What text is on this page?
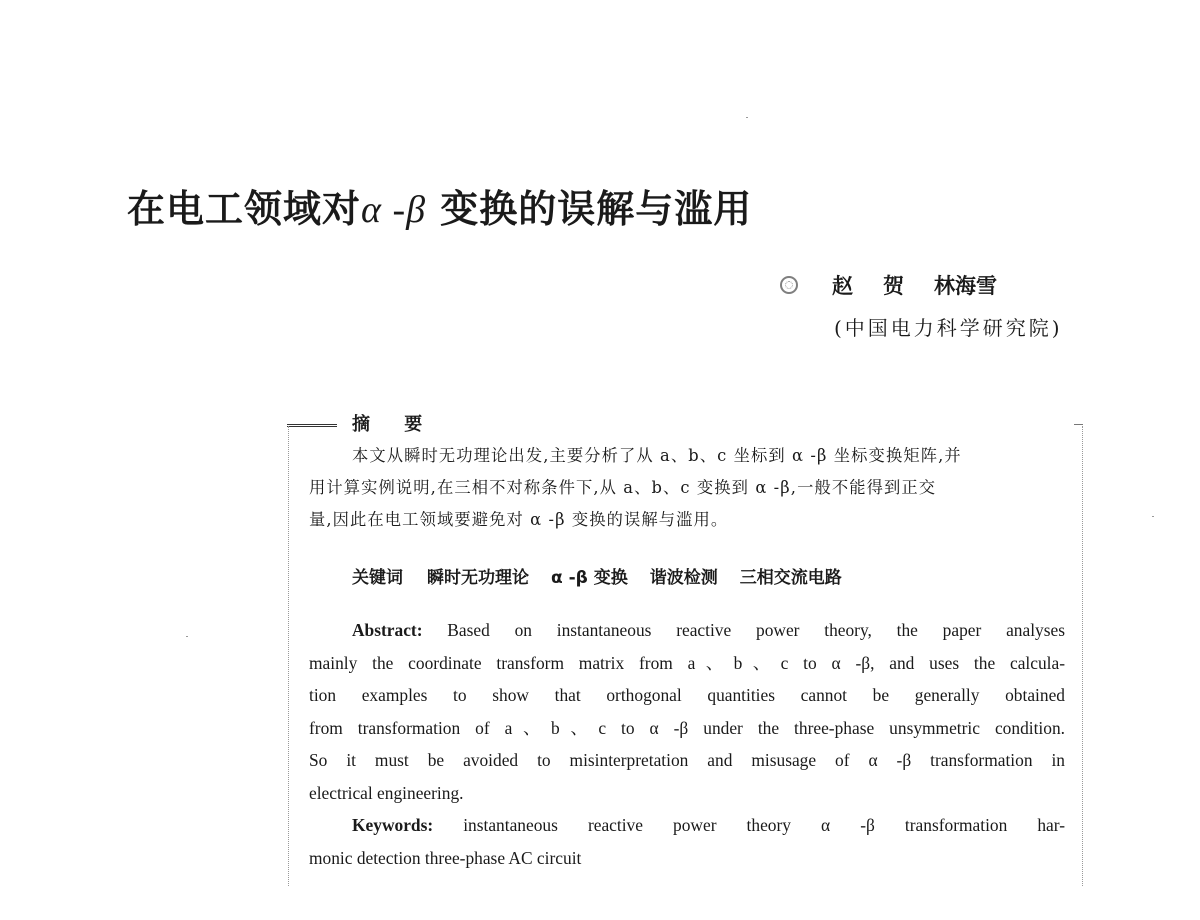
在电工领域对α -β 变换的误解与滥用
赵 贺 林海雪
(中国电力科学研究院)
摘 要
本文从瞬时无功理论出发,主要分析了从 a、b、c 坐标到 α -β 坐标变换矩阵,并
用计算实例说明,在三相不对称条件下,从 a、b、c 变换到 α -β,一般不能得到正交
量,因此在电工领域要避免对 α -β 变换的误解与滥用。
关键词 瞬时无功理论 α -β 变换 谐波检测 三相交流电路
Abstract: Based on instantaneous reactive power theory, the paper analyses
mainly the coordinate transform matrix from a、b、c to α -β, and uses the calcula-
tion examples to show that orthogonal quantities cannot be generally obtained
from transformation of a、b、c to α -β under the three-phase unsymmetric condition.
So it must be avoided to misinterpretation and misusage of α -β transformation in
electrical engineering.
Keywords: instantaneous reactive power theory α -β transformation har-
monic detection three-phase AC circuit
